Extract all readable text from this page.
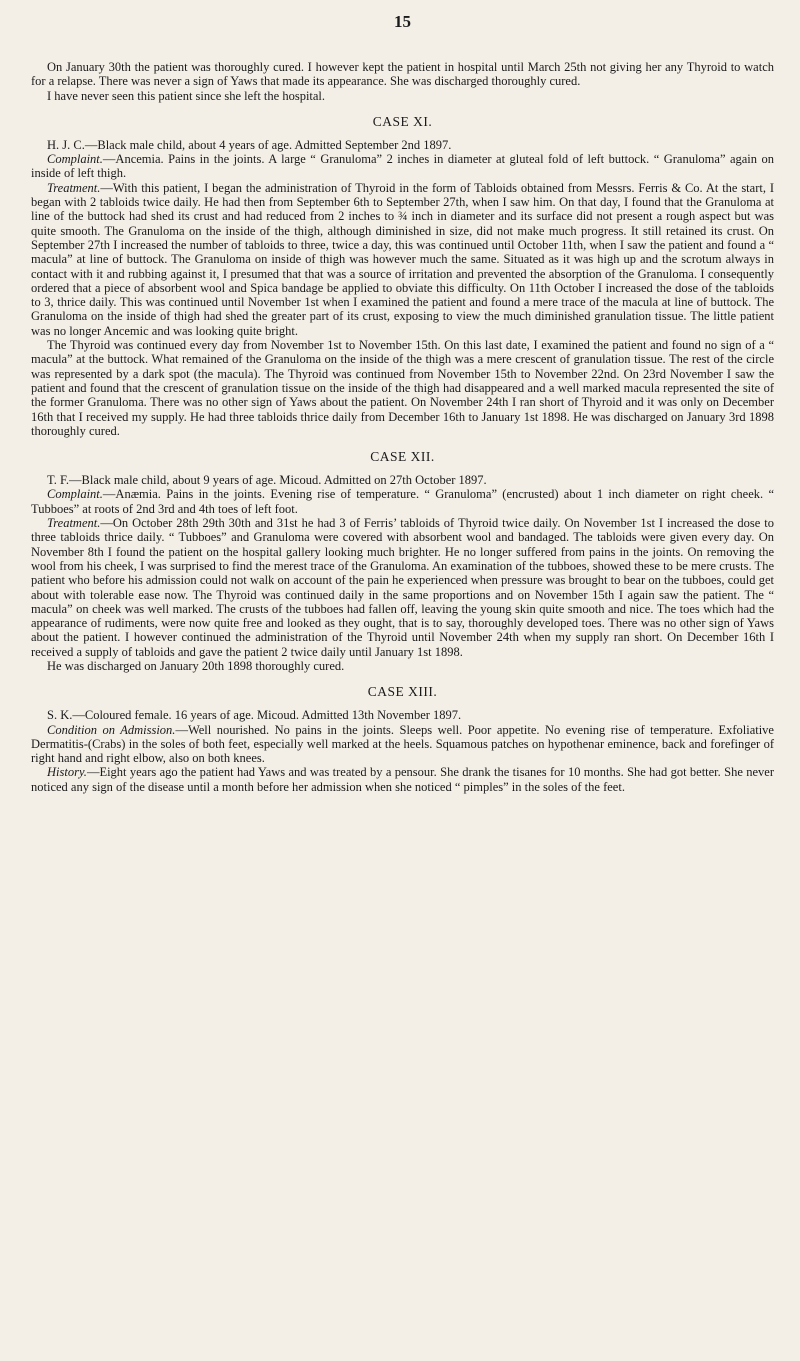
15

On January 30th the patient was thoroughly cured. I however kept the patient in hospital until March 25th not giving her any Thyroid to watch for a relapse. There was never a sign of Yaws that made its appearance. She was discharged thoroughly cured.

I have never seen this patient since she left the hospital.

CASE XI.

H. J. C.—Black male child, about 4 years of age. Admitted September 2nd 1897.

Complaint.—Ancemia. Pains in the joints. A large “ Granuloma” 2 inches in diameter at gluteal fold of left buttock. “ Granuloma” again on inside of left thigh.

Treatment.—With this patient, I began the administration of Thyroid in the form of Tabloids obtained from Messrs. Ferris & Co. At the start, I began with 2 tabloids twice daily. He had then from September 6th to September 27th, when I saw him. On that day, I found that the Granuloma at line of the buttock had shed its crust and had reduced from 2 inches to ¾ inch in diameter and its surface did not present a rough aspect but was quite smooth. The Granuloma on the inside of the thigh, although diminished in size, did not make much progress. It still retained its crust. On September 27th I increased the number of tabloids to three, twice a day, this was continued until October 11th, when I saw the patient and found a “ macula” at line of buttock. The Granuloma on inside of thigh was however much the same. Situated as it was high up and the scrotum always in contact with it and rubbing against it, I presumed that that was a source of irritation and prevented the absorption of the Granuloma. I consequently ordered that a piece of absorbent wool and Spica bandage be applied to obviate this difficulty. On 11th October I increased the dose of the tabloids to 3, thrice daily. This was continued until November 1st when I examined the patient and found a mere trace of the macula at line of buttock. The Granuloma on the inside of thigh had shed the greater part of its crust, exposing to view the much diminished granulation tissue. The little patient was no longer Ancemic and was looking quite bright.

The Thyroid was continued every day from November 1st to November 15th. On this last date, I examined the patient and found no sign of a “ macula” at the buttock. What remained of the Granuloma on the inside of the thigh was a mere crescent of granulation tissue. The rest of the circle was represented by a dark spot (the macula). The Thyroid was continued from November 15th to November 22nd. On 23rd November I saw the patient and found that the crescent of granulation tissue on the inside of the thigh had disappeared and a well marked macula represented the site of the former Granuloma. There was no other sign of Yaws about the patient. On November 24th I ran short of Thyroid and it was only on December 16th that I received my supply. He had three tabloids thrice daily from December 16th to January 1st 1898. He was discharged on January 3rd 1898 thoroughly cured.

CASE XII.

T. F.—Black male child, about 9 years of age. Micoud. Admitted on 27th October 1897.

Complaint.—Anæmia. Pains in the joints. Evening rise of temperature. “ Granuloma” (encrusted) about 1 inch diameter on right cheek. “ Tubboes” at roots of 2nd 3rd and 4th toes of left foot.

Treatment.—On October 28th 29th 30th and 31st he had 3 of Ferris’ tabloids of Thyroid twice daily. On November 1st I increased the dose to three tabloids thrice daily. “ Tubboes” and Granuloma were covered with absorbent wool and bandaged. The tabloids were given every day. On November 8th I found the patient on the hospital gallery looking much brighter. He no longer suffered from pains in the joints. On removing the wool from his cheek, I was surprised to find the merest trace of the Granuloma. An examination of the tubboes, showed these to be mere crusts. The patient who before his admission could not walk on account of the pain he experienced when pressure was brought to bear on the tubboes, could get about with tolerable ease now. The Thyroid was continued daily in the same proportions and on November 15th I again saw the patient. The “ macula” on cheek was well marked. The crusts of the tubboes had fallen off, leaving the young skin quite smooth and nice. The toes which had the appearance of rudiments, were now quite free and looked as they ought, that is to say, thoroughly developed toes. There was no other sign of Yaws about the patient. I however continued the administration of the Thyroid until November 24th when my supply ran short. On December 16th I received a supply of tabloids and gave the patient 2 twice daily until January 1st 1898.

He was discharged on January 20th 1898 thoroughly cured.

CASE XIII.

S. K.—Coloured female. 16 years of age. Micoud. Admitted 13th November 1897.

Condition on Admission.—Well nourished. No pains in the joints. Sleeps well. Poor appetite. No evening rise of temperature. Exfoliative Dermatitis-(Crabs) in the soles of both feet, especially well marked at the heels. Squamous patches on hypothenar eminence, back and forefinger of right hand and right elbow, also on both knees.

History.—Eight years ago the patient had Yaws and was treated by a pensour. She drank the tisanes for 10 months. She had got better. She never noticed any sign of the disease until a month before her admission when she noticed “ pimples” in the soles of the feet.
